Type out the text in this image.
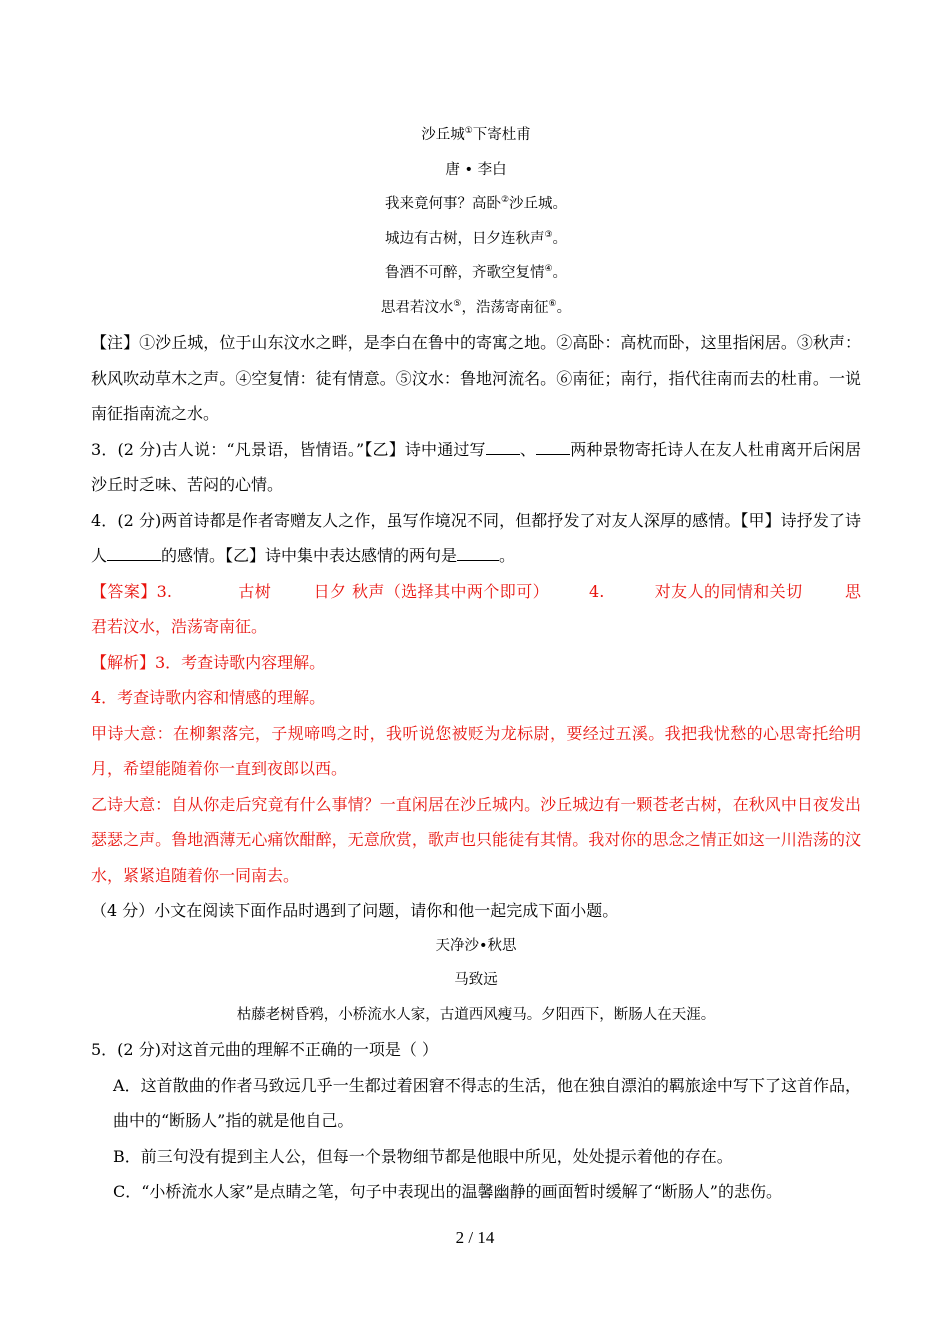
沙丘城①下寄杜甫
唐 • 李白
我来竟何事？高卧②沙丘城。
城边有古树，日夕连秋声③。
鲁酒不可醉，齐歌空复情④。
思君若汶水⑤，浩荡寄南征⑥。

【注】①沙丘城，位于山东汶水之畔，是李白在鲁中的寄寓之地。②高卧：高枕而卧，这里指闲居。③秋声：秋风吹动草木之声。④空复情：徒有情意。⑤汶水：鲁地河流名。⑥南征；南行，指代往南而去的杜甫。一说南征指南流之水。

3．(2 分)古人说：“凡景语，皆情语。”【乙】诗中通过写 、 两种景物寄托诗人在友人杜甫离开后闲居沙丘时乏味、苦闷的心情。

4．(2 分)两首诗都是作者寄赠友人之作，虽写作境况不同，但都抒发了对友人深厚的感情。【甲】诗抒发了诗人	的感情。【乙】诗中集中表达感情的两句是	。

【答案】3.	古树	日夕 秋声（选择其中两个即可）	4.	对友人的同情和关切	思君若汶水，浩荡寄南征。

【解析】3．考查诗歌内容理解。

4．考查诗歌内容和情感的理解。

甲诗大意：在柳絮落完，子规啼鸣之时，我听说您被贬为龙标尉，要经过五溪。我把我忧愁的心思寄托给明月，希望能随着你一直到夜郎以西。

乙诗大意：自从你走后究竟有什么事情？一直闲居在沙丘城内。沙丘城边有一颗苍老古树，在秋风中日夜发出瑟瑟之声。鲁地酒薄无心痛饮酣醉，无意欣赏，歌声也只能徒有其情。我对你的思念之情正如这一川浩荡的汶水，紧紧追随着你一同南去。

（4 分）小文在阅读下面作品时遇到了问题，请你和他一起完成下面小题。

天净沙•秋思
马致远
枯藤老树昏鸦，小桥流水人家，古道西风瘦马。夕阳西下，断肠人在天涯。

5．(2 分)对这首元曲的理解不正确的一项是（ ）

A．这首散曲的作者马致远几乎一生都过着困窘不得志的生活，他在独自漂泊的羁旅途中写下了这首作品，曲中的“断肠人”指的就是他自己。

B．前三句没有提到主人公，但每一个景物细节都是他眼中所见，处处提示着他的存在。

C．“小桥流水人家”是点睛之笔，句子中表现出的温馨幽静的画面暂时缓解了“断肠人”的悲伤。

2 / 14
